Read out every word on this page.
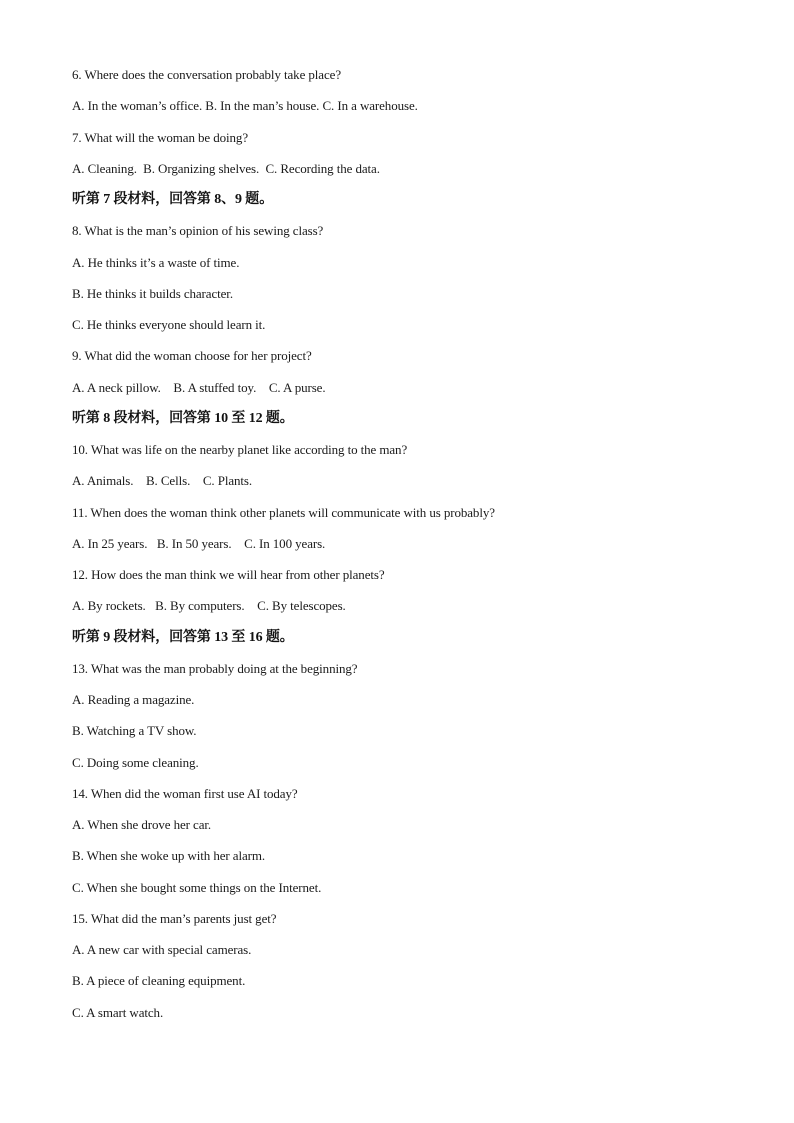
6. Where does the conversation probably take place?
A. In the woman’s office. B. In the man’s house. C. In a warehouse.
7. What will the woman be doing?
A. Cleaning.  B. Organizing shelves.  C. Recording the data.
听第 7 段材料，回答第 8、9 题。
8. What is the man’s opinion of his sewing class?
A. He thinks it’s a waste of time.
B. He thinks it builds character.
C. He thinks everyone should learn it.
9. What did the woman choose for her project?
A. A neck pillow.    B. A stuffed toy.    C. A purse.
听第 8 段材料，回答第 10 至 12 题。
10. What was life on the nearby planet like according to the man?
A. Animals.    B. Cells.    C. Plants.
11. When does the woman think other planets will communicate with us probably?
A. In 25 years.   B. In 50 years.    C. In 100 years.
12. How does the man think we will hear from other planets?
A. By rockets.   B. By computers.    C. By telescopes.
听第 9 段材料，回答第 13 至 16 题。
13. What was the man probably doing at the beginning?
A. Reading a magazine.
B. Watching a TV show.
C. Doing some cleaning.
14. When did the woman first use AI today?
A. When she drove her car.
B. When she woke up with her alarm.
C. When she bought some things on the Internet.
15. What did the man’s parents just get?
A. A new car with special cameras.
B. A piece of cleaning equipment.
C. A smart watch.
